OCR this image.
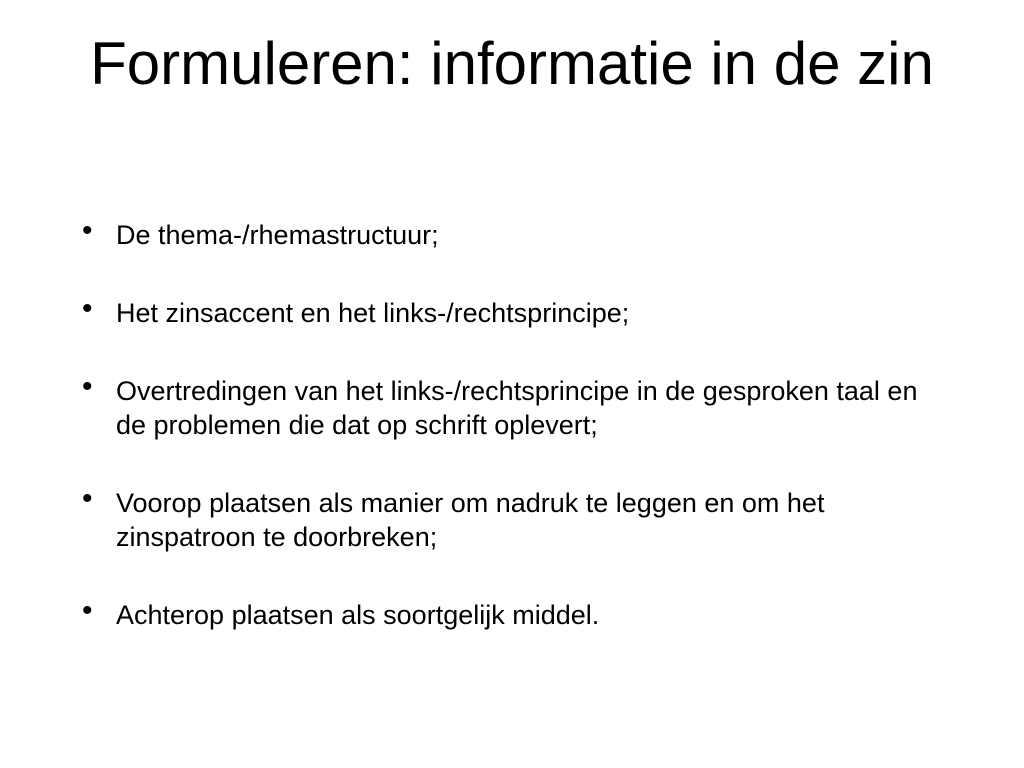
Formuleren: informatie in de zin
• De thema-/rhemastructuur;
• Het zinsaccent en het links-/rechtsprincipe;
• Overtredingen van het links-/rechtsprincipe in de gesproken taal en de problemen die dat op schrift oplevert;
• Voorop plaatsen als manier om nadruk te leggen en om het zinspatroon te doorbreken;
• Achterop plaatsen als soortgelijk middel.
